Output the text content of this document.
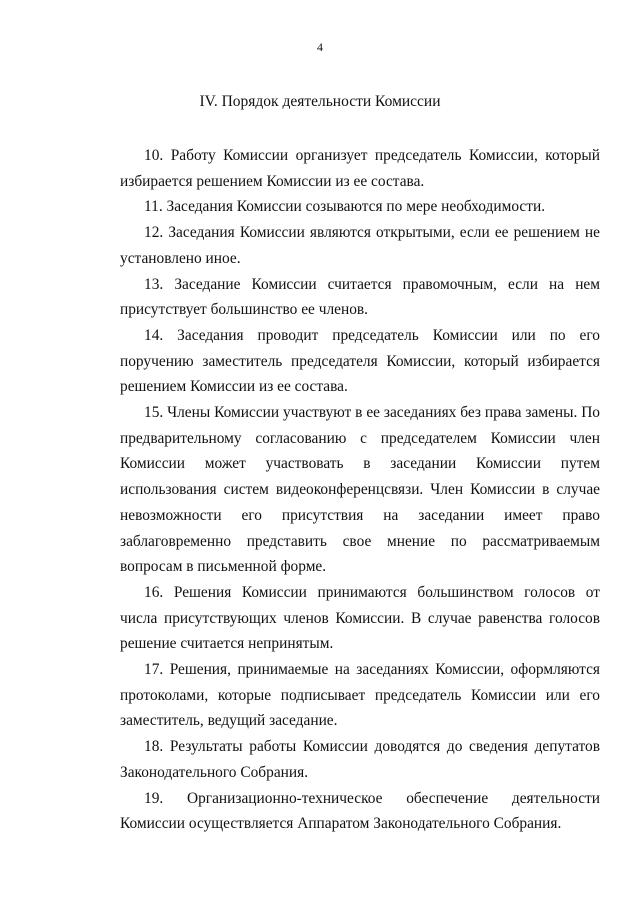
4
IV. Порядок деятельности Комиссии

10. Работу Комиссии организует председатель Комиссии, который избирается решением Комиссии из ее состава.

11. Заседания Комиссии созываются по мере необходимости.

12. Заседания Комиссии являются открытыми, если ее решением не установлено иное.

13. Заседание Комиссии считается правомочным, если на нем присутствует большинство ее членов.

14. Заседания проводит председатель Комиссии или по его поручению заместитель председателя Комиссии, который избирается решением Комиссии из ее состава.

15. Члены Комиссии участвуют в ее заседаниях без права замены. По предварительному согласованию с председателем Комиссии член Комиссии может участвовать в заседании Комиссии путем использования систем видеоконференцсвязи. Член Комиссии в случае невозможности его присутствия на заседании имеет право заблаговременно представить свое мнение по рассматриваемым вопросам в письменной форме.

16. Решения Комиссии принимаются большинством голосов от числа присутствующих членов Комиссии. В случае равенства голосов решение считается непринятым.

17. Решения, принимаемые на заседаниях Комиссии, оформляются протоколами, которые подписывает председатель Комиссии или его заместитель, ведущий заседание.

18. Результаты работы Комиссии доводятся до сведения депутатов Законодательного Собрания.

19. Организационно-техническое обеспечение деятельности Комиссии осуществляется Аппаратом Законодательного Собрания.
